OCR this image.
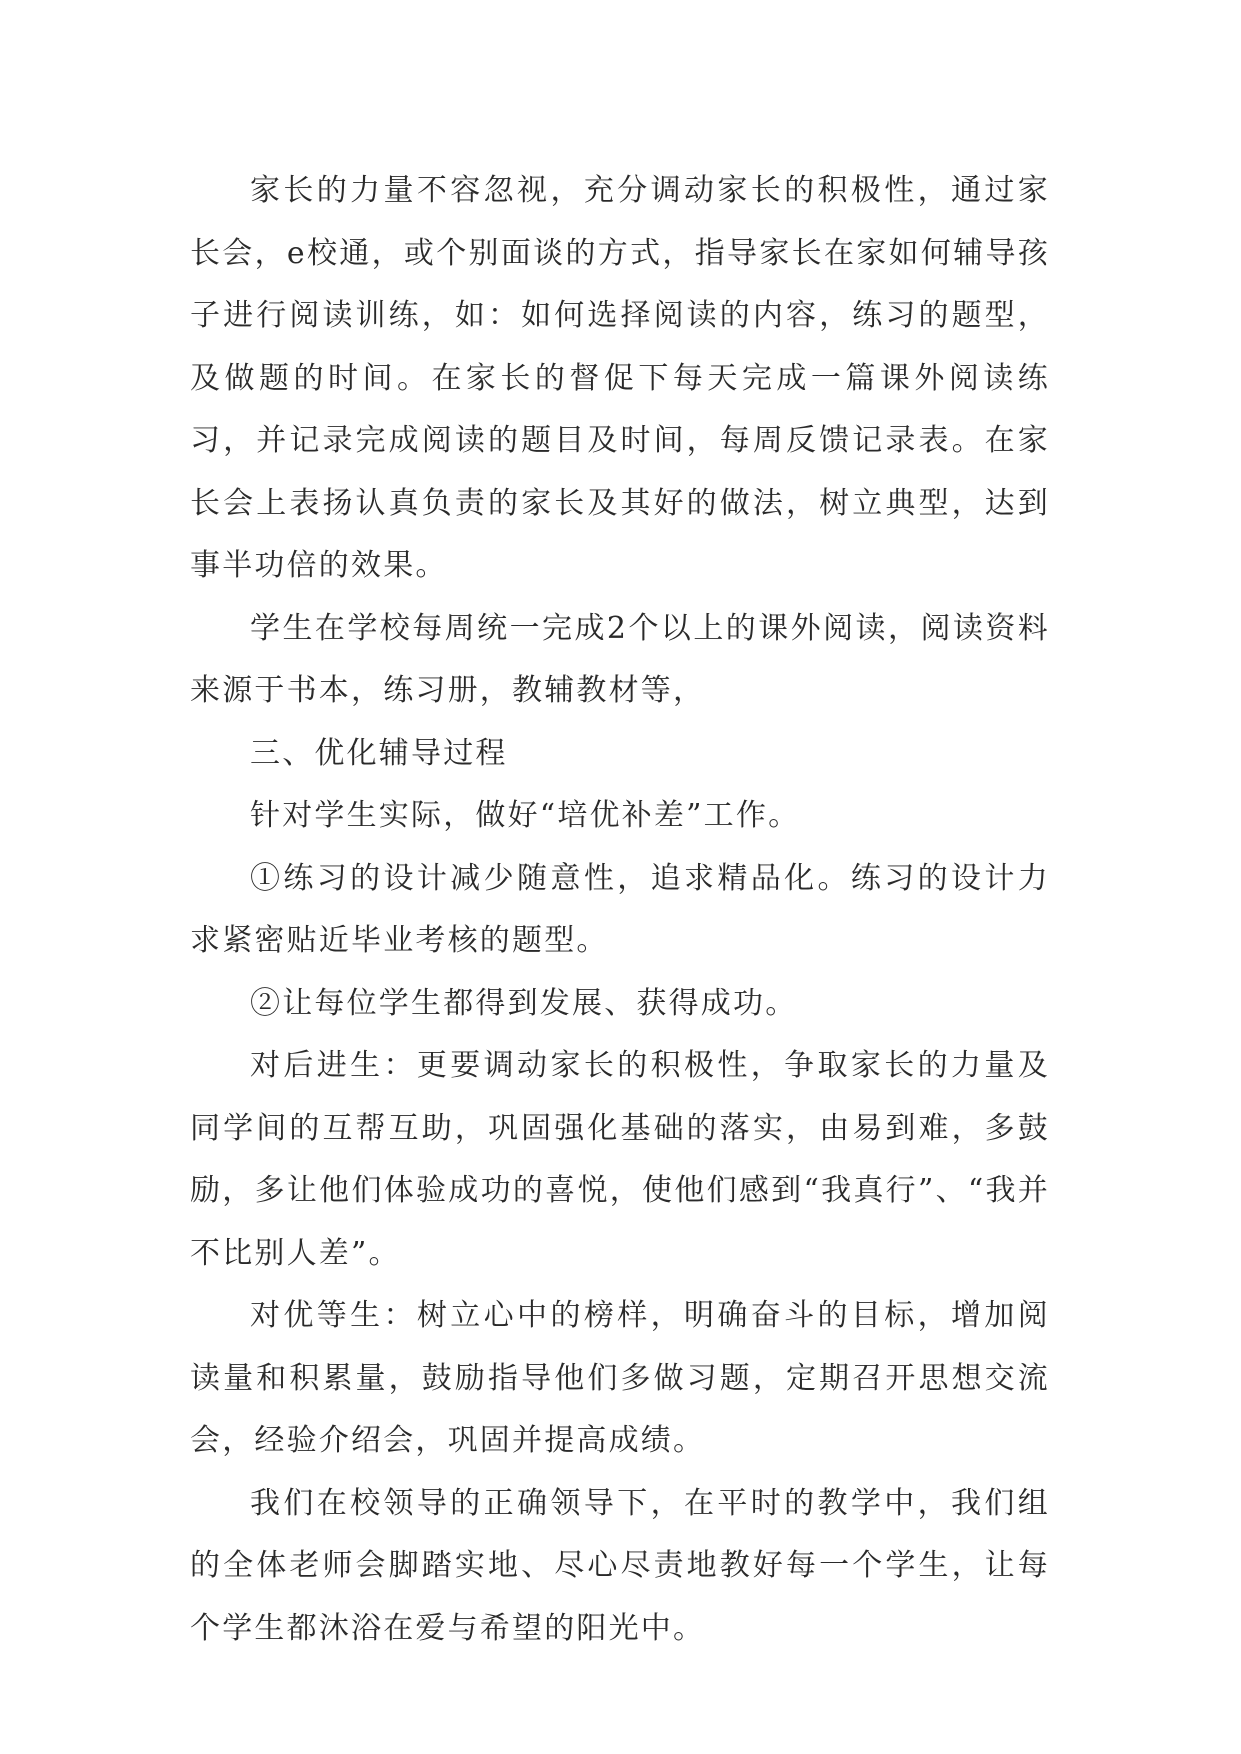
家长的力量不容忽视，充分调动家长的积极性，通过家长会，e校通，或个别面谈的方式，指导家长在家如何辅导孩子进行阅读训练，如：如何选择阅读的内容，练习的题型，及做题的时间。在家长的督促下每天完成一篇课外阅读练习，并记录完成阅读的题目及时间，每周反馈记录表。在家长会上表扬认真负责的家长及其好的做法，树立典型，达到事半功倍的效果。

学生在学校每周统一完成2个以上的课外阅读，阅读资料来源于书本，练习册，教辅教材等，

三、优化辅导过程

针对学生实际，做好“培优补差”工作。

①练习的设计减少随意性，追求精品化。练习的设计力求紧密贴近毕业考核的题型。

②让每位学生都得到发展、获得成功。

对后进生：更要调动家长的积极性，争取家长的力量及同学间的互帮互助，巩固强化基础的落实，由易到难，多鼓励，多让他们体验成功的喜悦，使他们感到“我真行”、“我并不比别人差”。

对优等生：树立心中的榜样，明确奋斗的目标，增加阅读量和积累量，鼓励指导他们多做习题，定期召开思想交流会，经验介绍会，巩固并提高成绩。

我们在校领导的正确领导下，在平时的教学中，我们组的全体老师会脚踏实地、尽心尽责地教好每一个学生，让每个学生都沐浴在爱与希望的阳光中。
